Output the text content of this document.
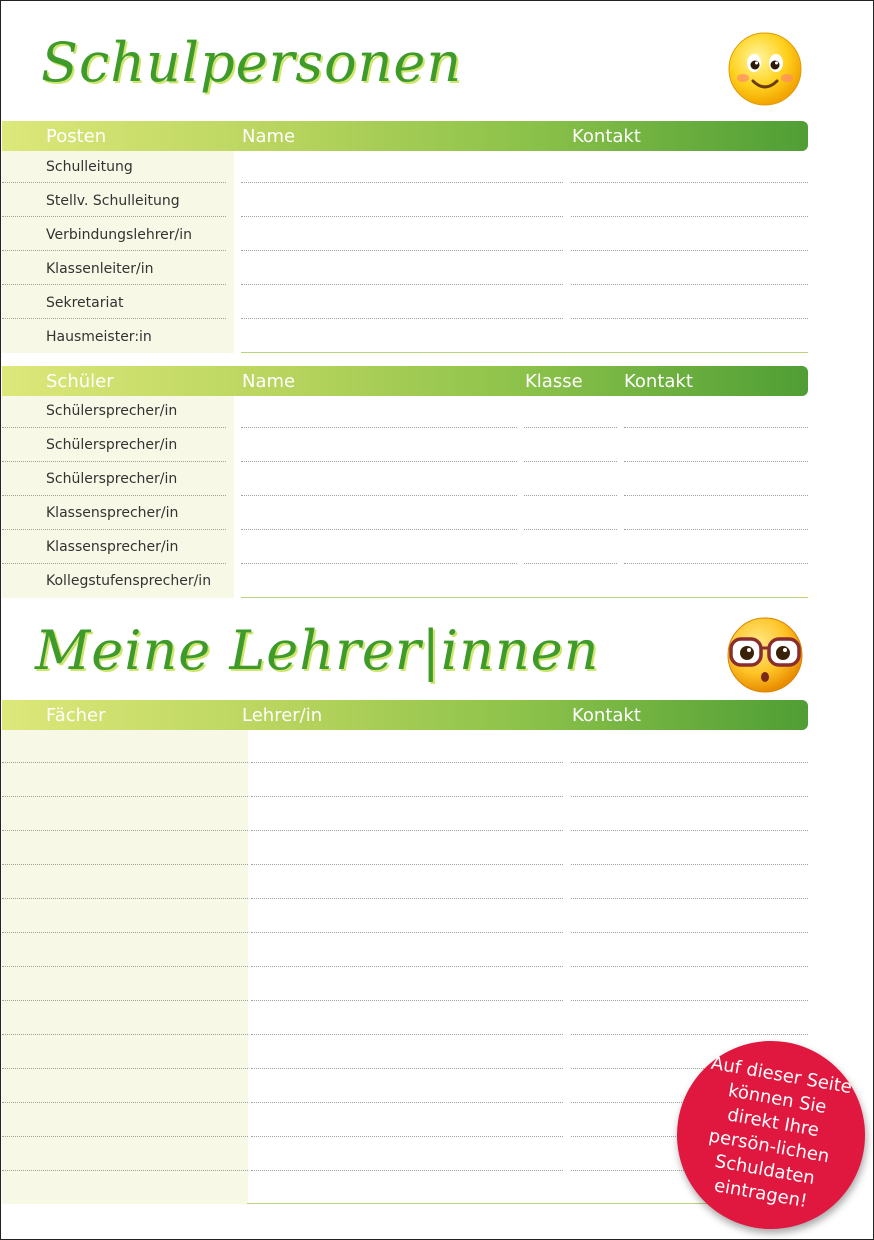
Schulpersonen
Posten	Name	Kontakt
Schulleitung
Stellv. Schulleitung
Verbindungslehrer/in
Klassenleiter/in
Sekretariat
Hausmeister:in
Schüler	Name	Klasse Kontakt
Schülersprecher/in
Schülersprecher/in
Schülersprecher/in
Klassensprecher/in
Klassensprecher/in
Kollegstufensprecher/in
Meine Lehrer|innen
Fächer	Lehrer/in	Kontakt
Auf dieser Seite können Sie direkt Ihre persön-lichen Schuldaten eintragen!
